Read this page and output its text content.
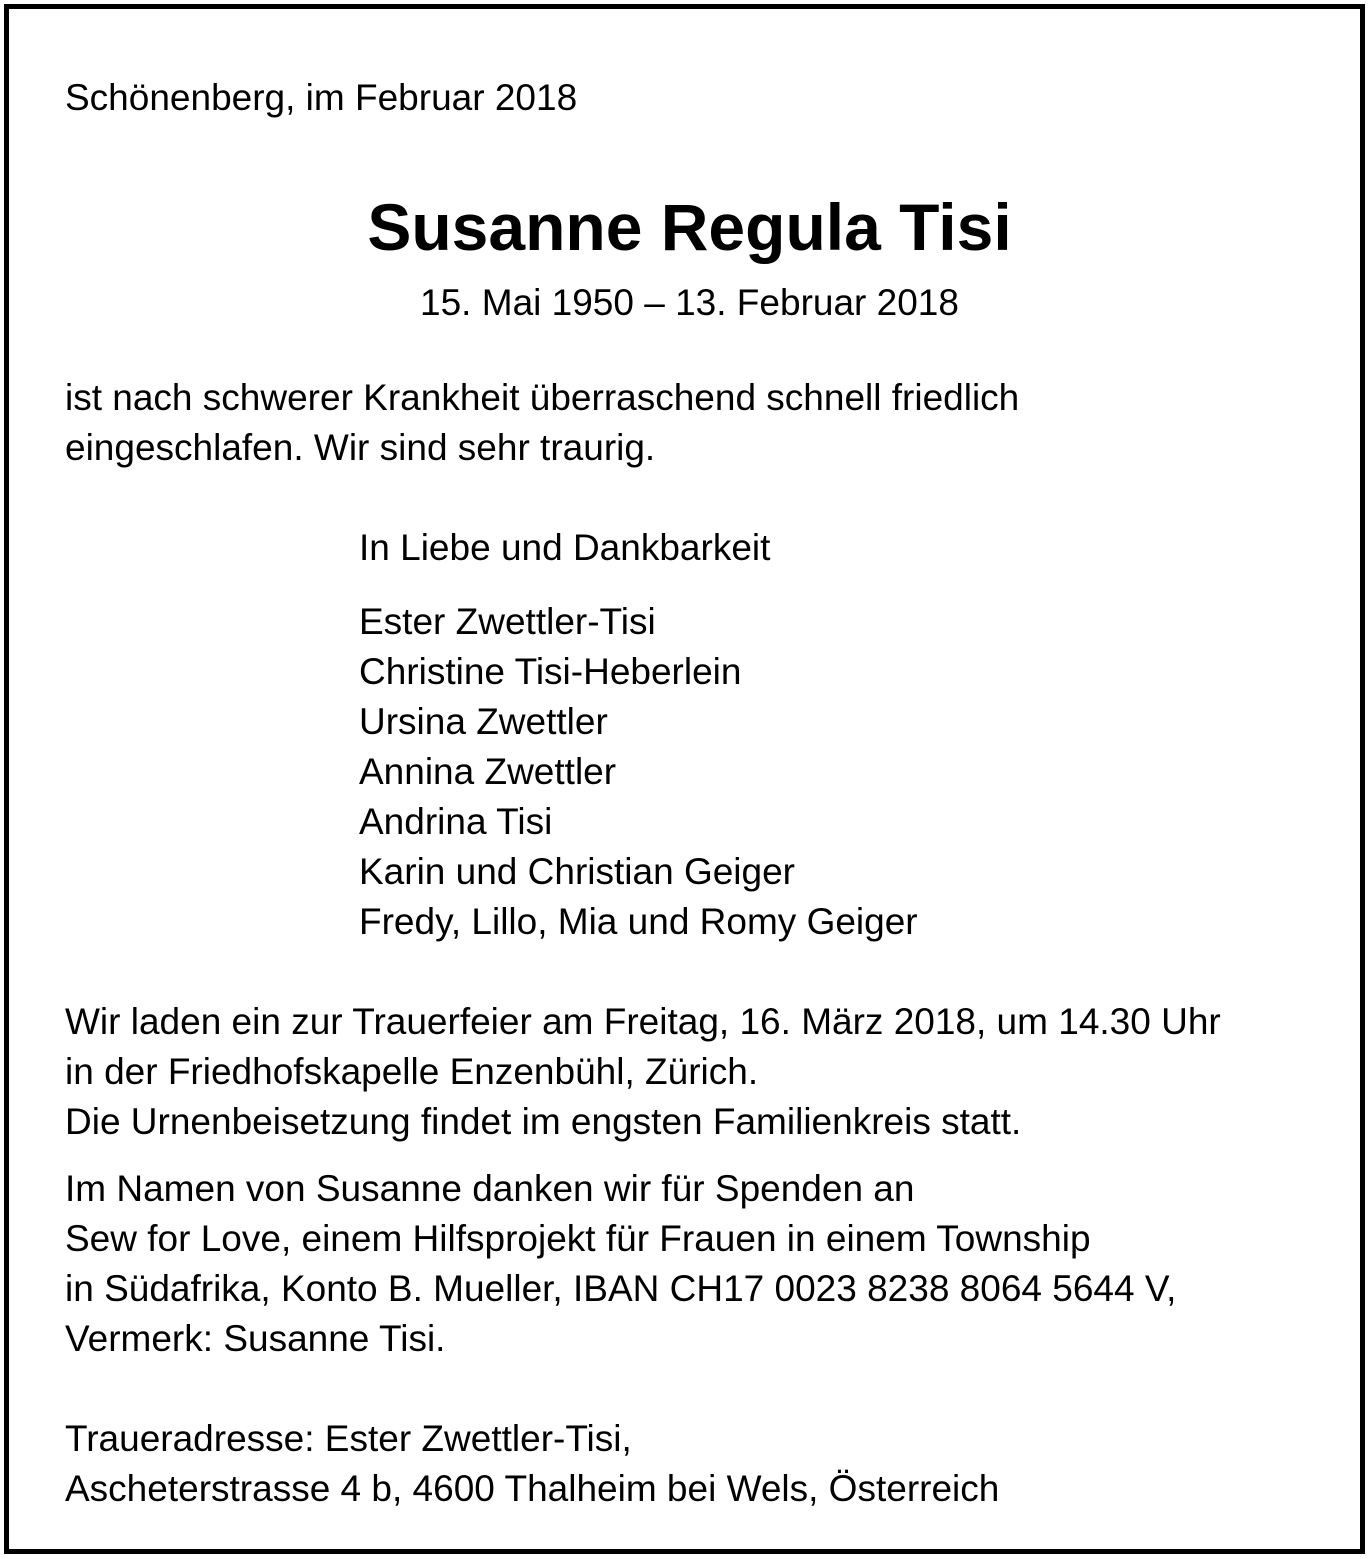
Schönenberg, im Februar 2018
Susanne Regula Tisi
15. Mai 1950 – 13. Februar 2018
ist nach schwerer Krankheit überraschend schnell friedlich
eingeschlafen. Wir sind sehr traurig.
In Liebe und Dankbarkeit
Ester Zwettler-Tisi
Christine Tisi-Heberlein
Ursina Zwettler
Annina Zwettler
Andrina Tisi
Karin und Christian Geiger
Fredy, Lillo, Mia und Romy Geiger
Wir laden ein zur Trauerfeier am Freitag, 16. März 2018, um 14.30 Uhr
in der Friedhofskapelle Enzenbühl, Zürich.
Die Urnenbeisetzung findet im engsten Familienkreis statt.
Im Namen von Susanne danken wir für Spenden an
Sew for Love, einem Hilfsprojekt für Frauen in einem Township
in Südafrika, Konto B. Mueller, IBAN CH17 0023 8238 8064 5644 V,
Vermerk: Susanne Tisi.
Traueradresse: Ester Zwettler-Tisi,
Ascheterstrasse 4 b, 4600 Thalheim bei Wels, Österreich
